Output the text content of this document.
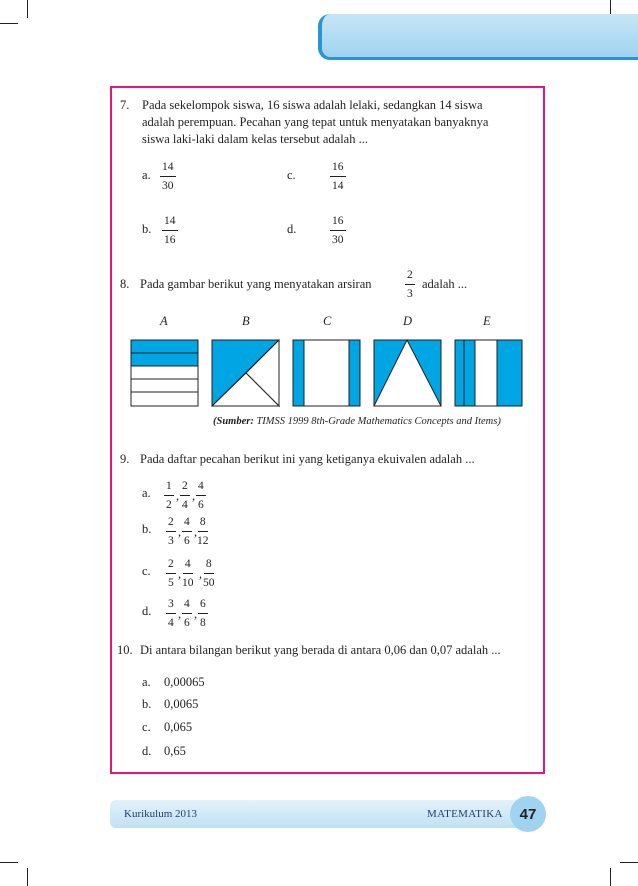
7. Pada sekelompok siswa, 16 siswa adalah lelaki, sedangkan 14 siswa
adalah perempuan. Pecahan yang tepat untuk menyatakan banyaknya
siswa laki-laki dalam kelas tersebut adalah ...
a. $\frac{14}{30}$	c.	$\frac{16}{14}$
b. $\frac{14}{16}$	d.	$\frac{16}{30}$
8. Pada gambar berikut yang menyatakan arsiran	$\frac{2}{3}$ adalah ...
A	B	C	D	E
(Sumber: TIMSS 1999 8th-Grade Mathematics Concepts and Items)
9. Pada daftar pecahan berikut ini yang ketiganya ekuivalen adalah ...
a. $\frac{1}{2}$ , $\frac{2}{4}$ , $\frac{4}{6}$
b. $\frac{2}{3}$ , $\frac{4}{6}$ , $\frac{8}{12}$
c. $\frac{2}{5}$ , $\frac{4}{10}$ , $\frac{8}{50}$
d. $\frac{3}{4}$ , $\frac{4}{6}$ , $\frac{6}{8}$
10. Di antara bilangan berikut yang berada di antara 0,06 dan 0,07 adalah ...
a. 0,00065
b. 0,0065
c. 0,065
d. 0,65
Kurikulum 2013	MATEMATIKA	47
